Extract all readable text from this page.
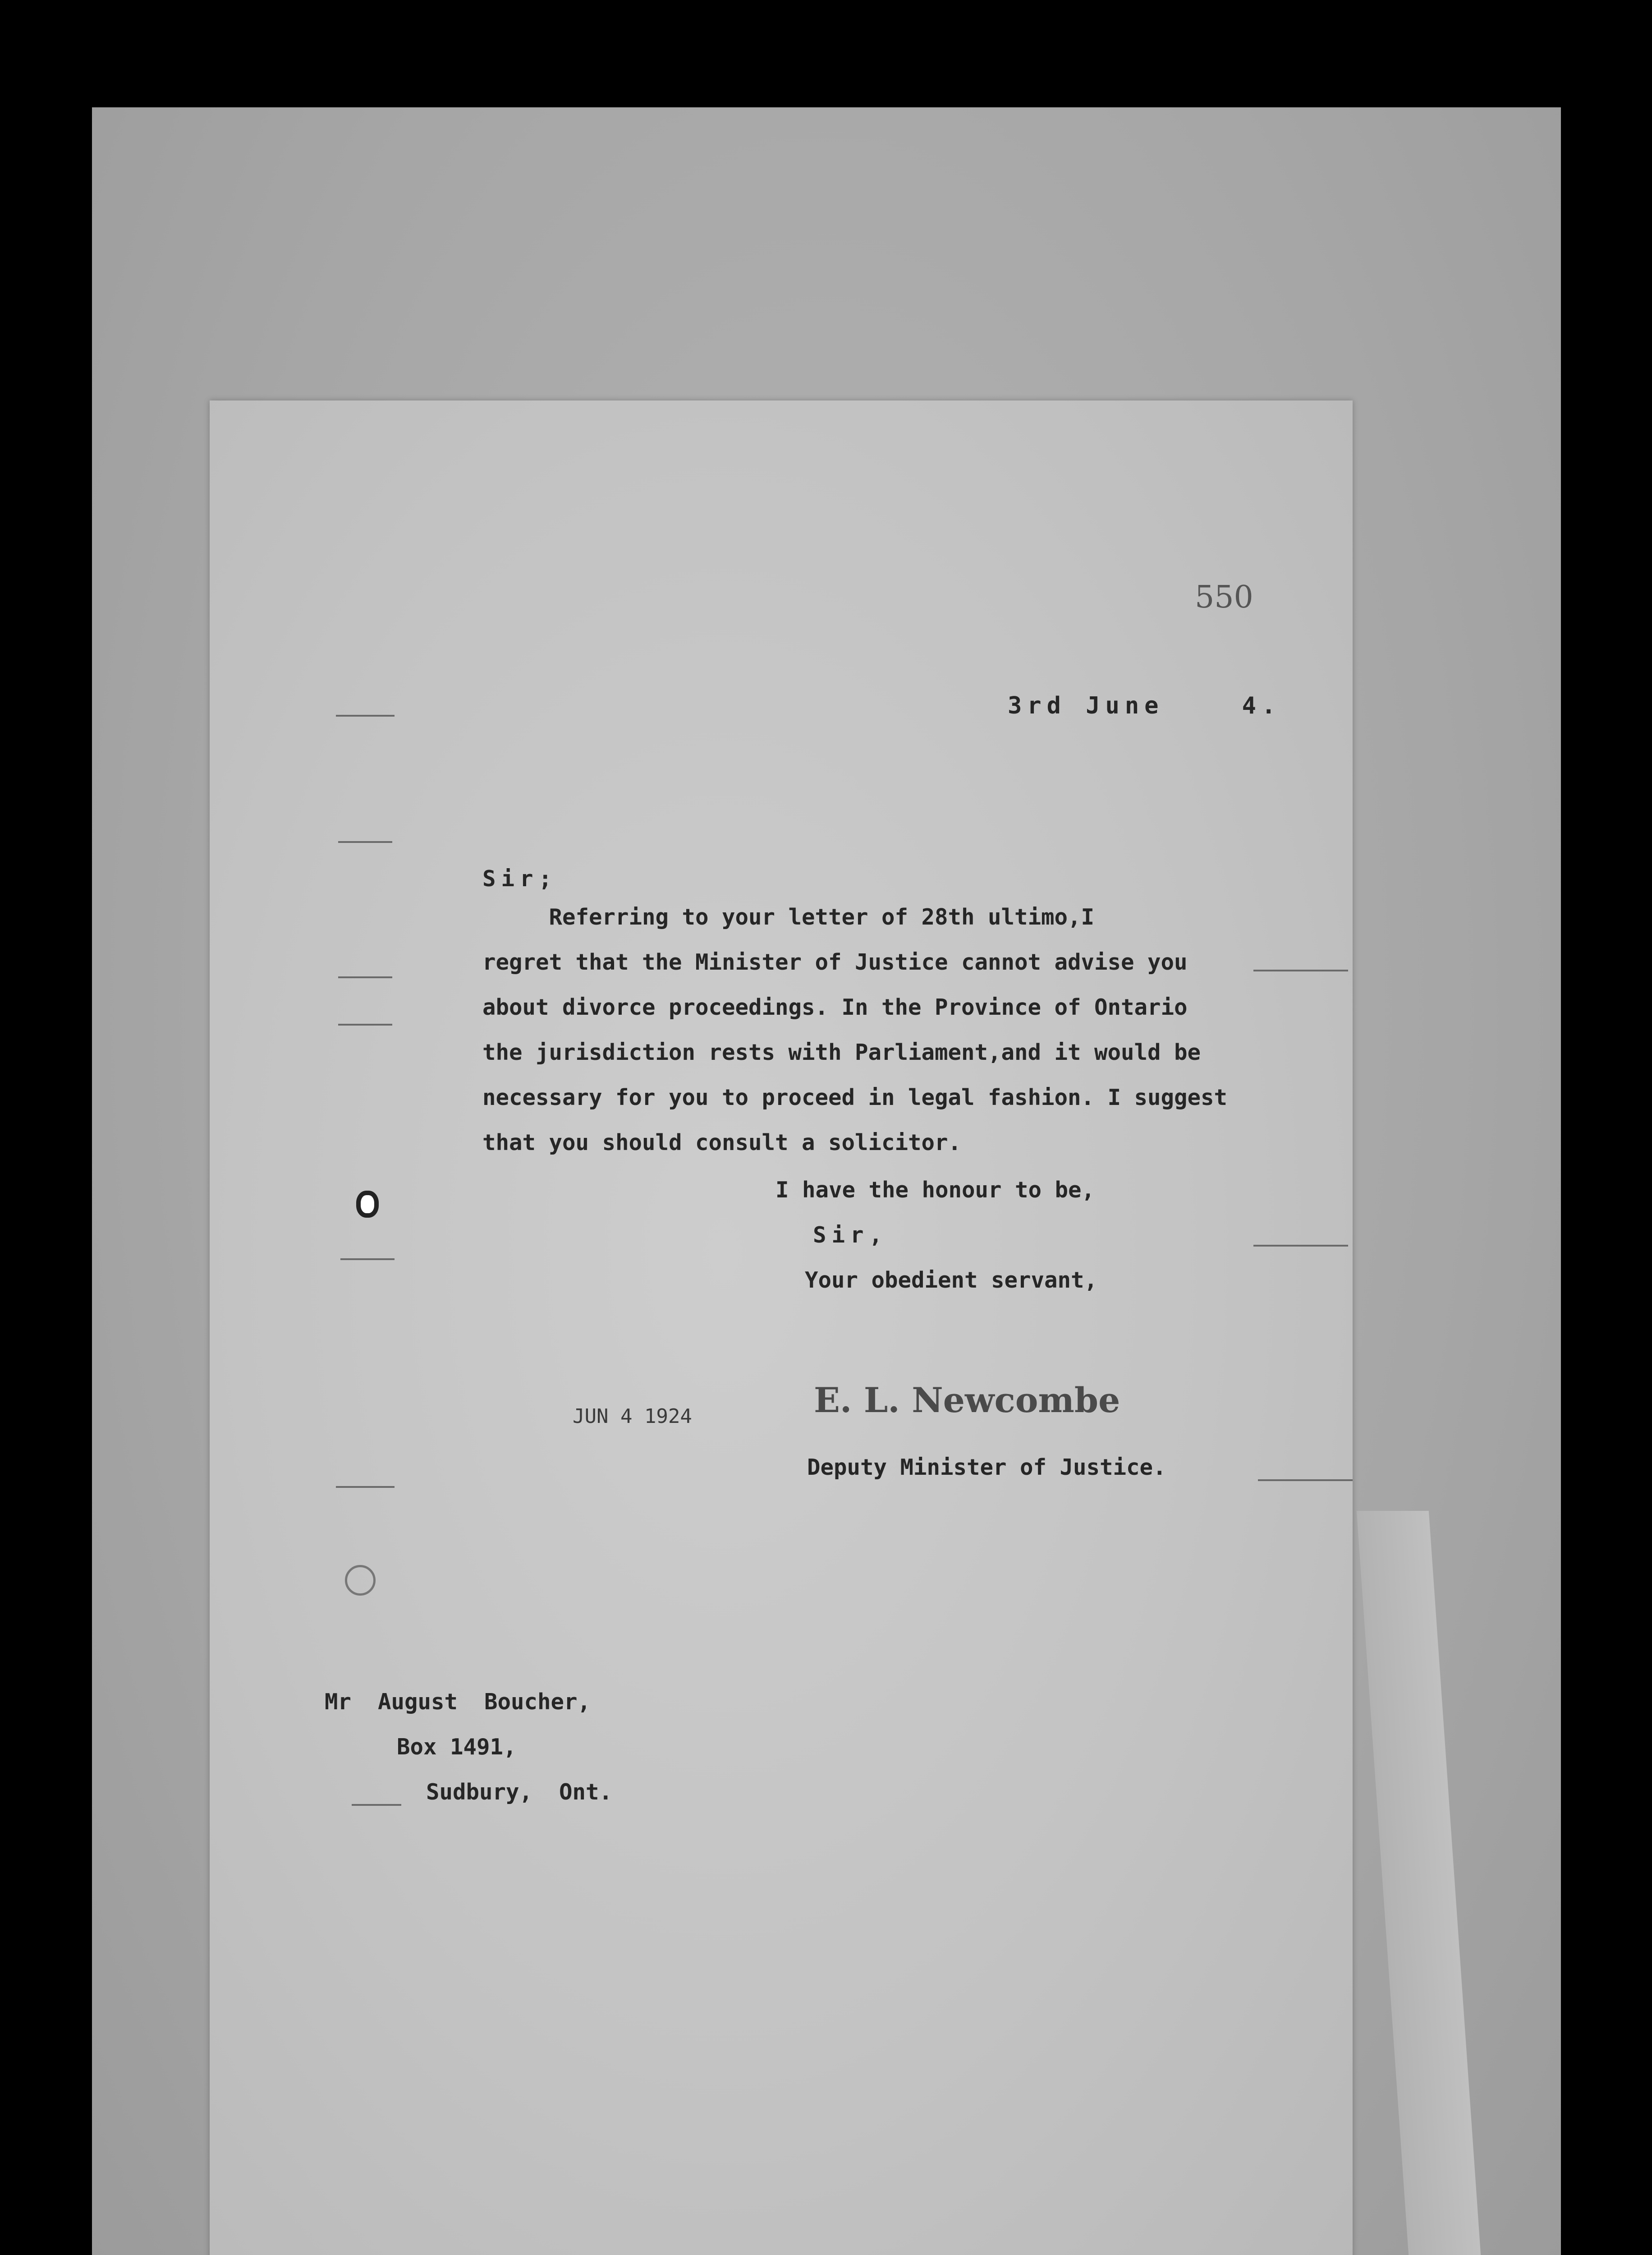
550
3rd June    4.
Sir;
Referring to your letter of 28th ultimo,I
regret that the Minister of Justice cannot advise you
about divorce proceedings. In the Province of Ontario
the jurisdiction rests with Parliament,and it would be
necessary for you to proceed in legal fashion. I suggest
that you should consult a solicitor.
I have the honour to be,
Sir,
Your obedient servant,
JUN 4 1924	E. L. Newcombe
Deputy Minister of Justice.
Mr  August  Boucher,
Box 1491,
Sudbury,  Ont.
